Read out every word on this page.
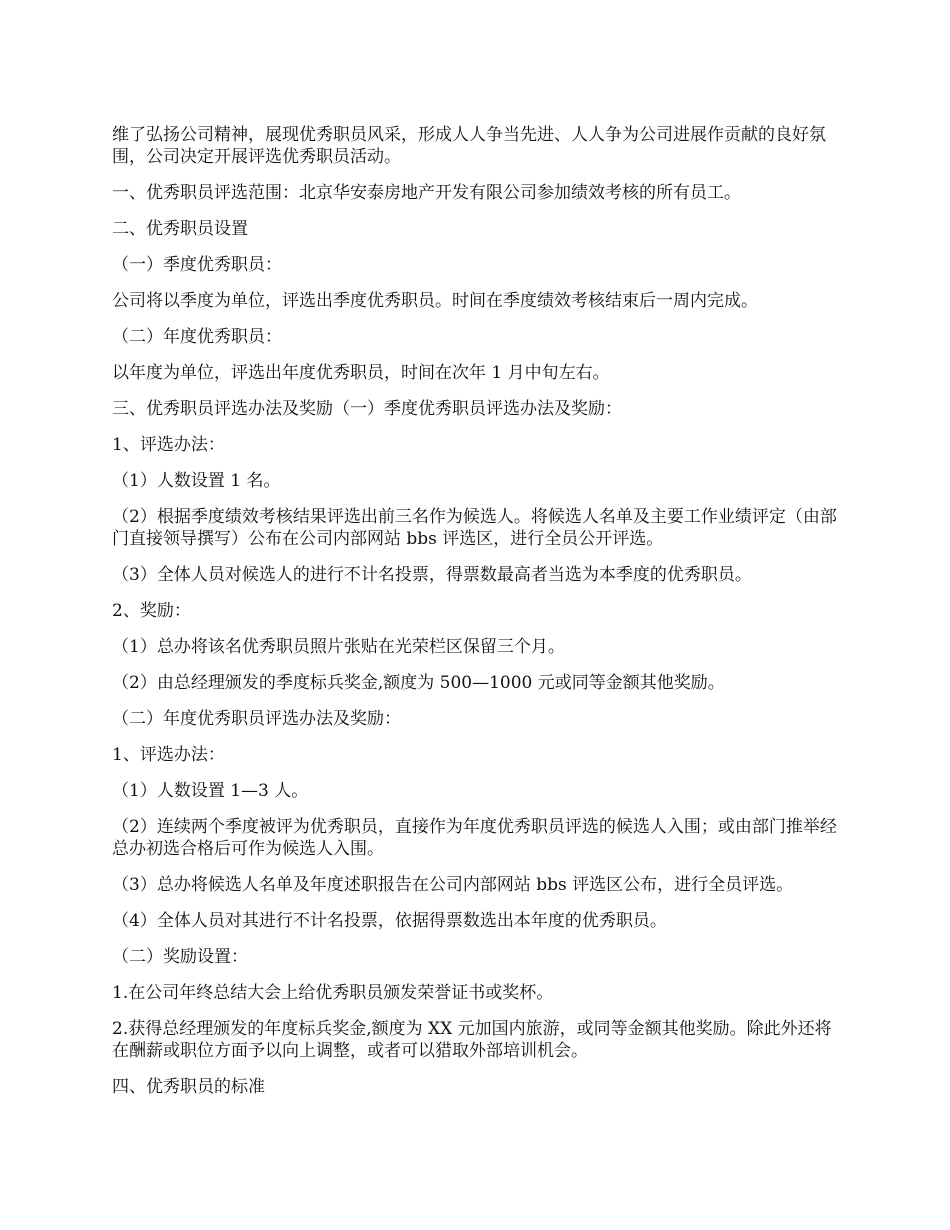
维了弘扬公司精神，展现优秀职员风采，形成人人争当先进、人人争为公司进展作贡献的良好氛围，公司决定开展评选优秀职员活动。

一、优秀职员评选范围：北京华安泰房地产开发有限公司参加绩效考核的所有员工。

二、优秀职员设置

（一）季度优秀职员：

公司将以季度为单位，评选出季度优秀职员。时间在季度绩效考核结束后一周内完成。

（二）年度优秀职员：

以年度为单位，评选出年度优秀职员，时间在次年 1 月中旬左右。

三、优秀职员评选办法及奖励（一）季度优秀职员评选办法及奖励：

1、评选办法：

（1）人数设置 1 名。

（2）根据季度绩效考核结果评选出前三名作为候选人。将候选人名单及主要工作业绩评定（由部门直接领导撰写）公布在公司内部网站 bbs 评选区，进行全员公开评选。

（3）全体人员对候选人的进行不计名投票，得票数最高者当选为本季度的优秀职员。

2、奖励：

（1）总办将该名优秀职员照片张贴在光荣栏区保留三个月。

（2）由总经理颁发的季度标兵奖金,额度为 500—1000 元或同等金额其他奖励。

（二）年度优秀职员评选办法及奖励：

1、评选办法：

（1）人数设置 1—3 人。

（2）连续两个季度被评为优秀职员，直接作为年度优秀职员评选的候选人入围；或由部门推举经总办初选合格后可作为候选人入围。

（3）总办将候选人名单及年度述职报告在公司内部网站 bbs 评选区公布，进行全员评选。

（4）全体人员对其进行不计名投票，依据得票数选出本年度的优秀职员。

（二）奖励设置：

1.在公司年终总结大会上给优秀职员颁发荣誉证书或奖杯。

2.获得总经理颁发的年度标兵奖金,额度为 XX 元加国内旅游，或同等金额其他奖励。除此外还将在酬薪或职位方面予以向上调整，或者可以猎取外部培训机会。

四、优秀职员的标准
